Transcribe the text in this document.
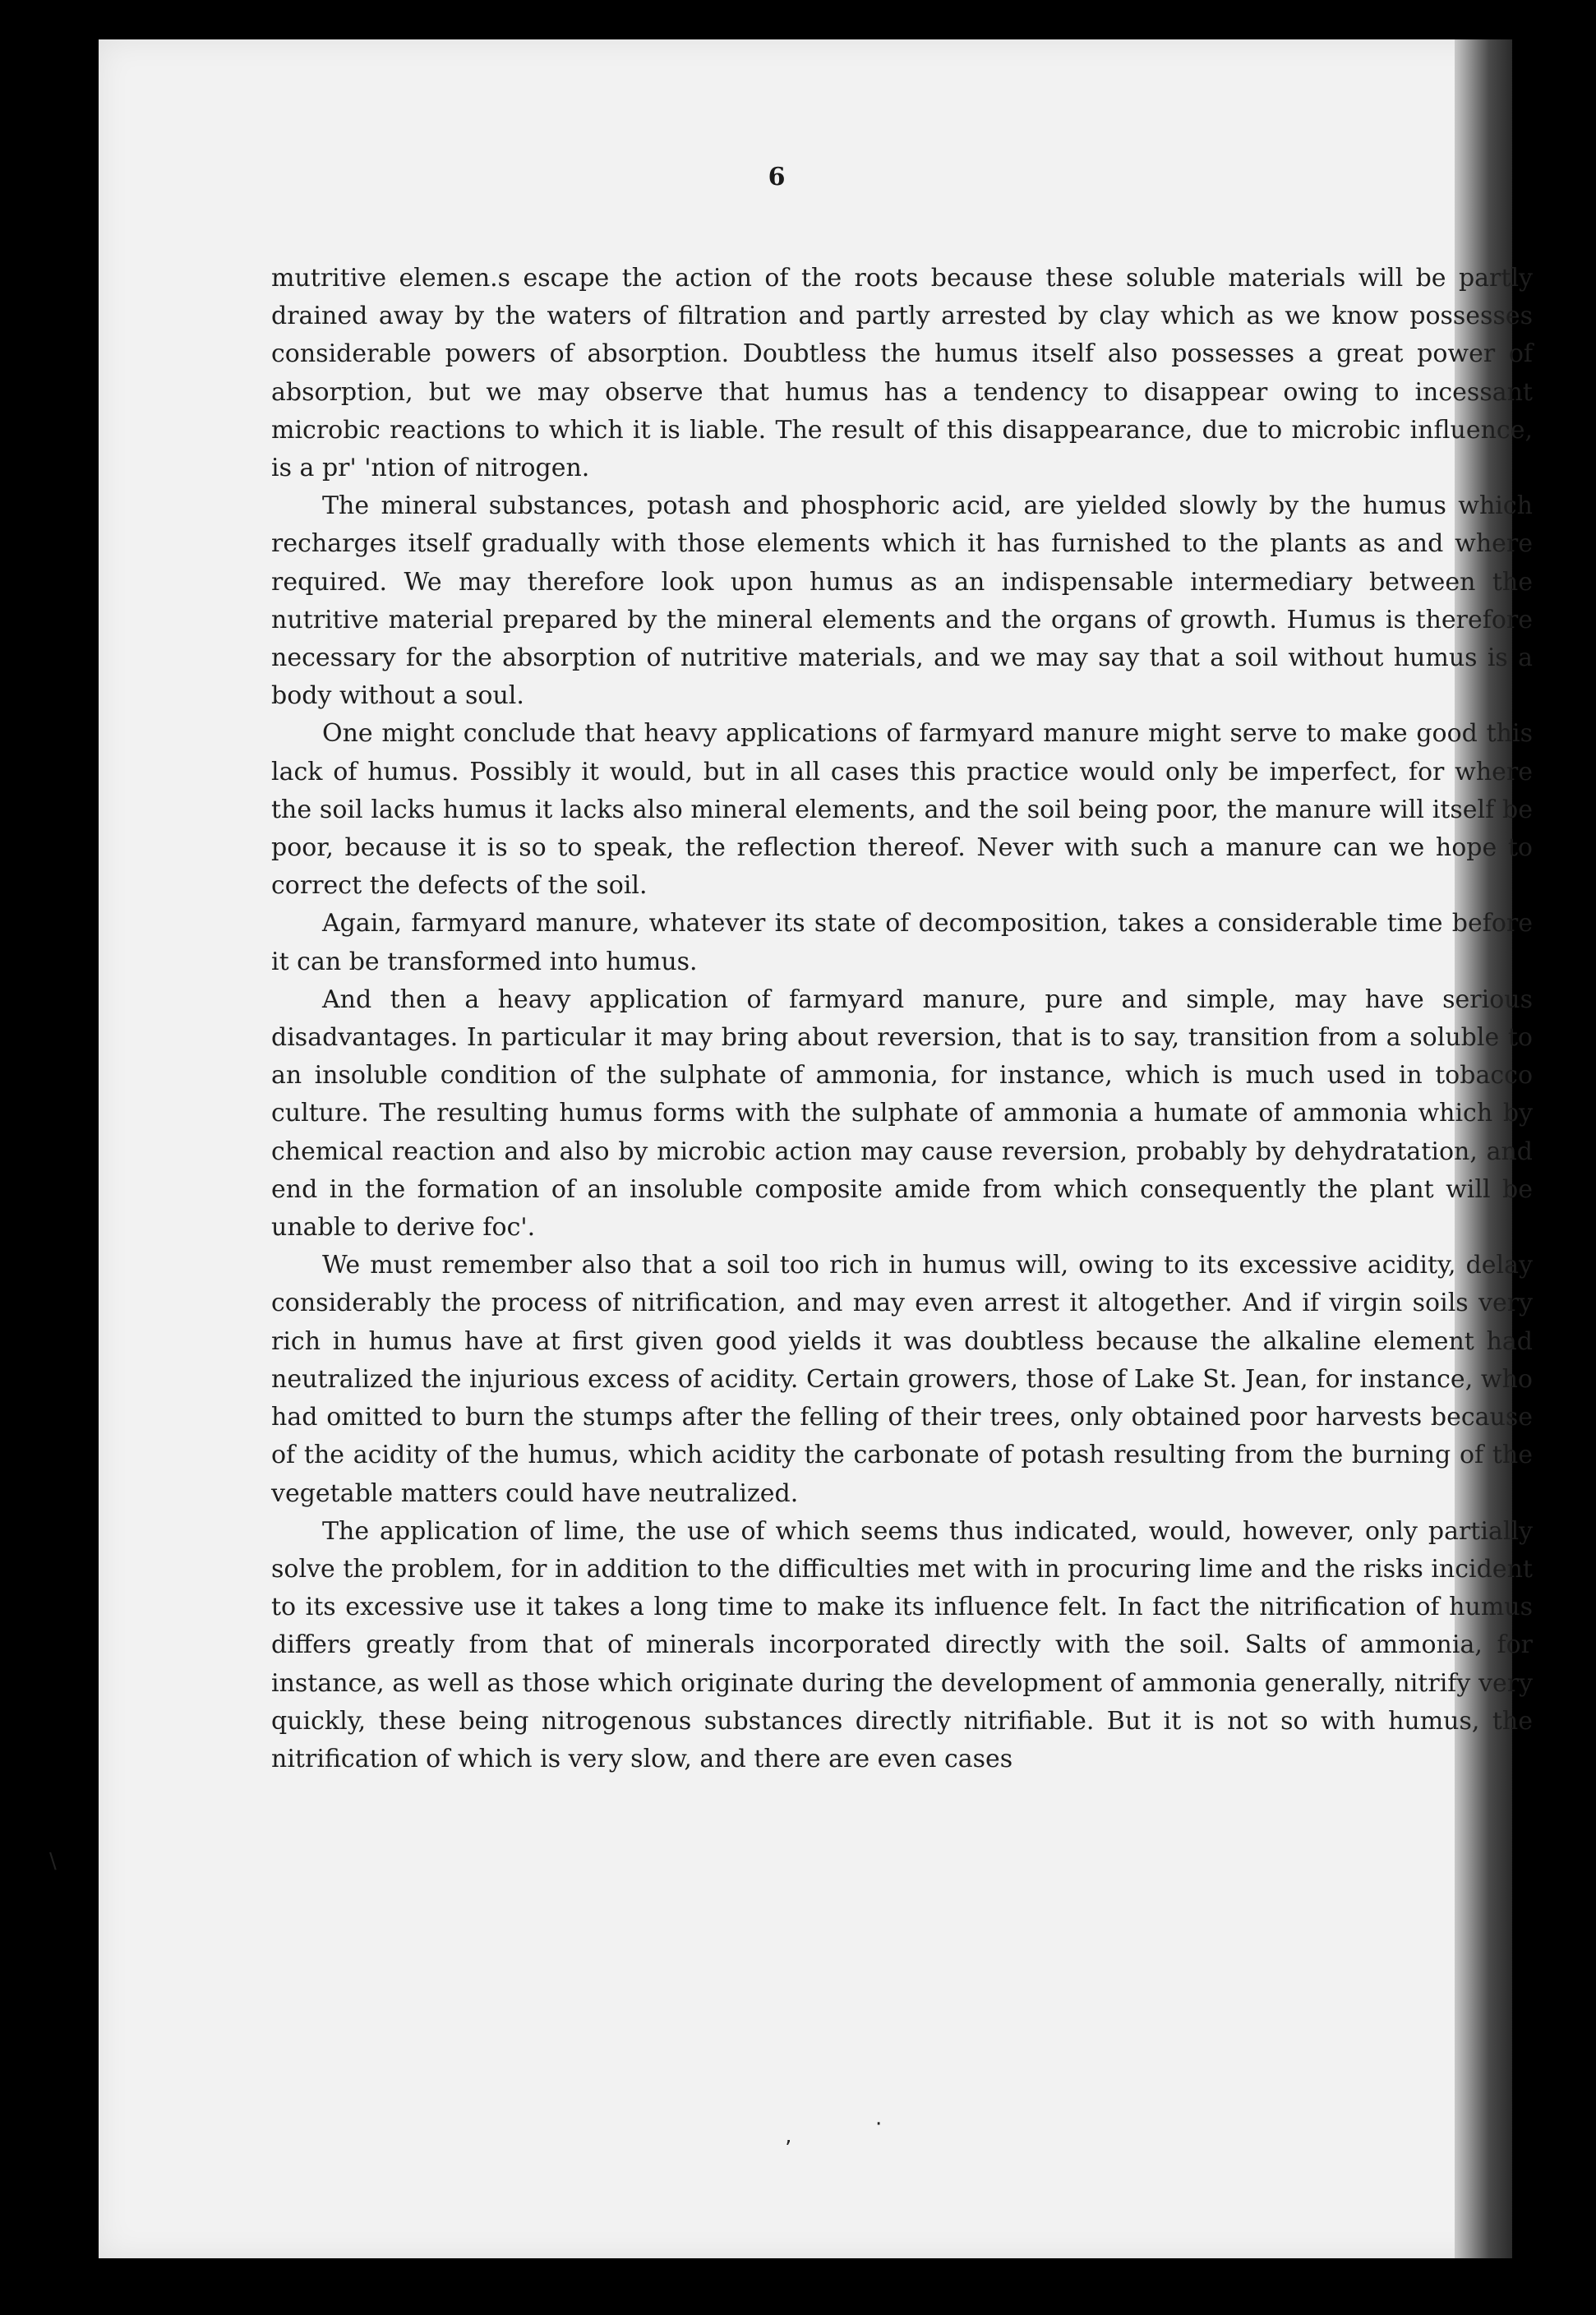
6

mutritive elemen.s escape the action of the roots because these soluble materials will be partly drained away by the waters of filtration and partly arrested by clay which as we know possesses considerable powers of absorption. Doubtless the humus itself also possesses a great power of absorption, but we may observe that humus has a tendency to disappear owing to incessant microbic reactions to which it is liable. The result of this disappearance, due to microbic influence, is a pr' 'ntion of nitrogen.

The mineral substances, potash and phosphoric acid, are yielded slowly by the humus which recharges itself gradually with those elements which it has furnished to the plants as and where required. We may therefore look upon humus as an indispensable intermediary between the nutritive material prepared by the mineral elements and the organs of growth. Humus is therefore necessary for the absorption of nutritive materials, and we may say that a soil without humus is a body without a soul.

One might conclude that heavy applications of farmyard manure might serve to make good this lack of humus. Possibly it would, but in all cases this practice would only be imperfect, for where the soil lacks humus it lacks also mineral elements, and the soil being poor, the manure will itself be poor, because it is so to speak, the reflection thereof. Never with such a manure can we hope to correct the defects of the soil.

Again, farmyard manure, whatever its state of decomposition, takes a considerable time before it can be transformed into humus.

And then a heavy application of farmyard manure, pure and simple, may have serious disadvantages. In particular it may bring about reversion, that is to say, transition from a soluble to an insoluble condition of the sulphate of ammonia, for instance, which is much used in tobacco culture. The resulting humus forms with the sulphate of ammonia a humate of ammonia which by chemical reaction and also by microbic action may cause reversion, probably by dehydratation, and end in the formation of an insoluble composite amide from which consequently the plant will be unable to derive foc'.

We must remember also that a soil too rich in humus will, owing to its excessive acidity, delay considerably the process of nitrification, and may even arrest it altogether. And if virgin soils very rich in humus have at first given good yields it was doubtless because the alkaline element had neutralized the injurious excess of acidity. Certain growers, those of Lake St. Jean, for instance, who had omitted to burn the stumps after the felling of their trees, only obtained poor harvests because of the acidity of the humus, which acidity the carbonate of potash resulting from the burning of the vegetable matters could have neutralized.

The application of lime, the use of which seems thus indicated, would, however, only partially solve the problem, for in addition to the difficulties met with in procuring lime and the risks incident to its excessive use it takes a long time to make its influence felt. In fact the nitrification of humus differs greatly from that of minerals incorporated directly with the soil. Salts of ammonia, for instance, as well as those which originate during the development of ammonia generally, nitrify very quickly, these being nitrogenous substances directly nitrifiable. But it is not so with humus, the nitrification of which is very slow, and there are even cases

\
’
·
